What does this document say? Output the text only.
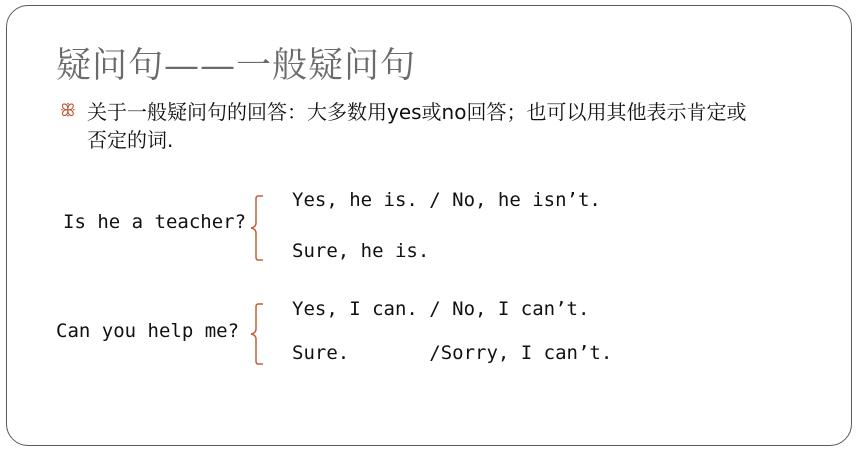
疑问句——一般疑问句
ꕥ 关于一般疑问句的回答：大多数用yes或no回答；也可以用其他表示肯定或
否定的词.
Is he a teacher?
Yes, he is. / No, he isn’t.
Sure, he is.
Can you help me?
Yes, I can. / No, I can’t.
Sure.       /Sorry, I can’t.
